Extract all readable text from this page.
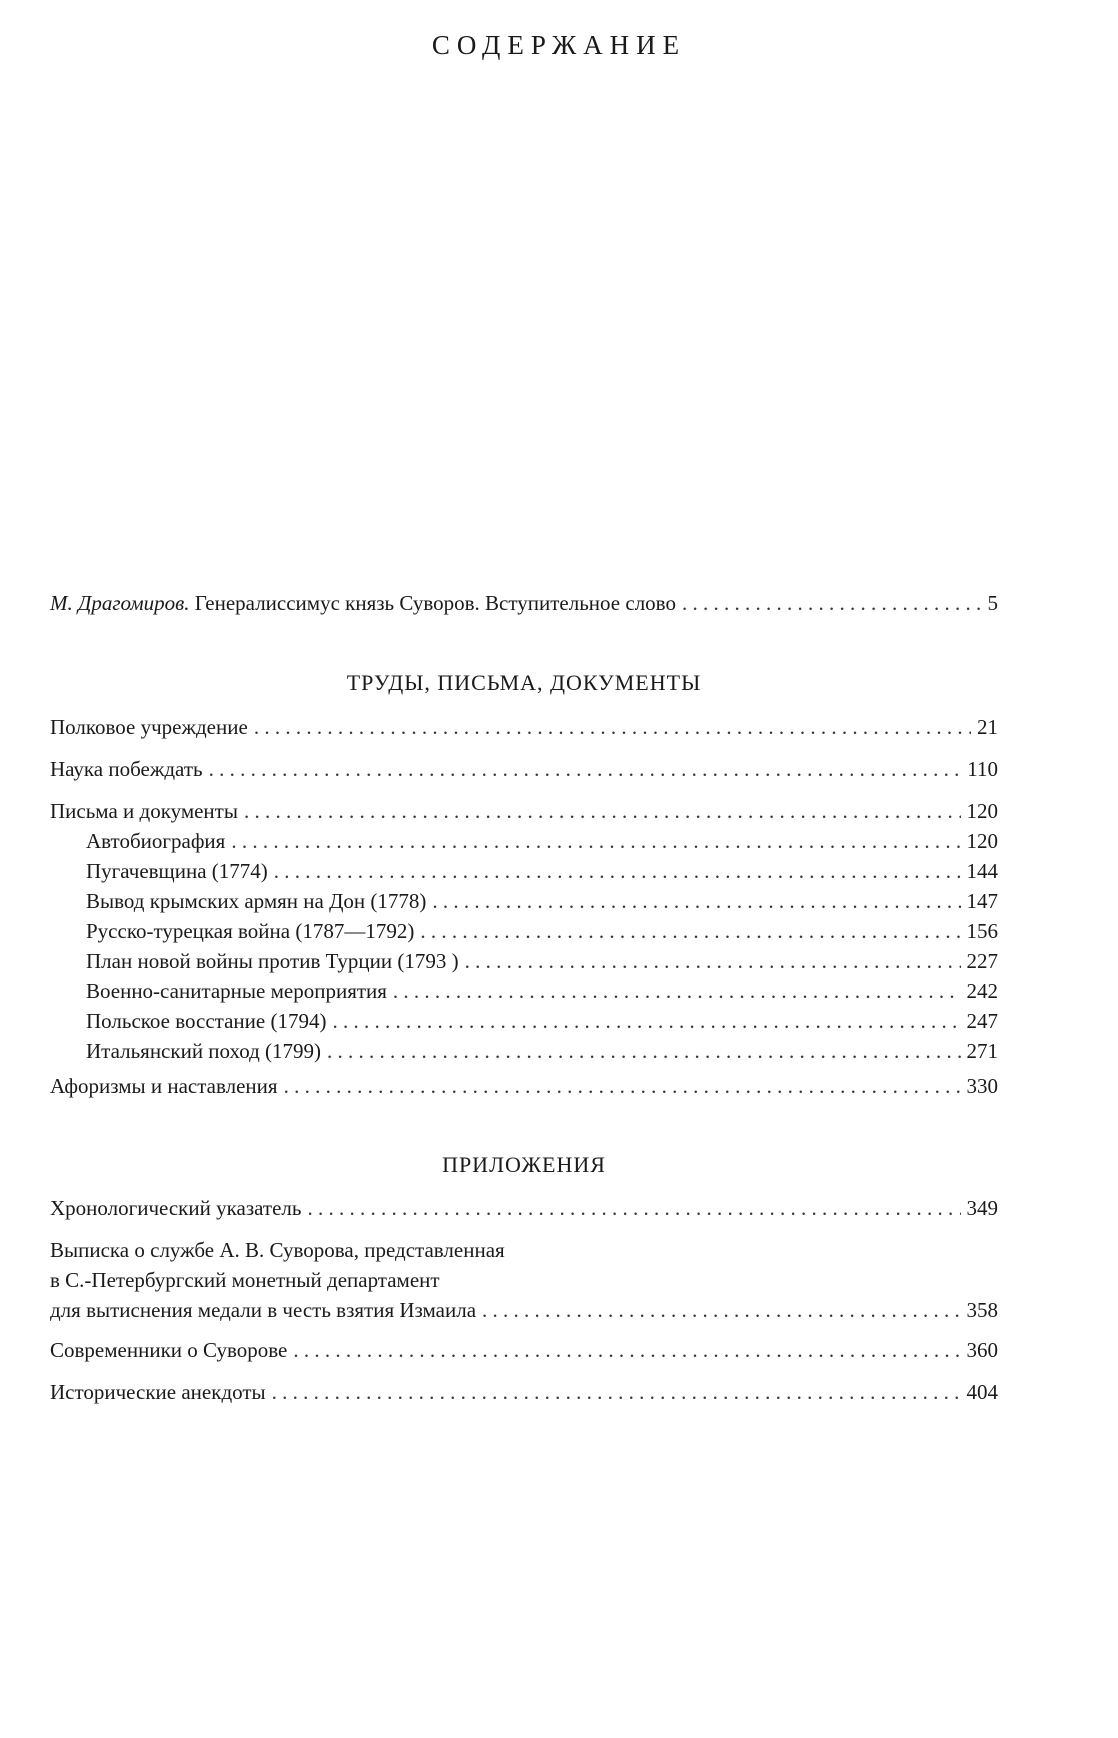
СОДЕРЖАНИЕ
М. Драгомиров. Генералиссимус князь Суворов. Вступительное слово . . .	5
ТРУДЫ, ПИСЬМА, ДОКУМЕНТЫ
Полковое учреждение . . .	21
Наука побеждать . . .	110
Письма и документы . . .	120
Автобиография . . .	120
Пугачевщина (1774) . . .	144
Вывод крымских армян на Дон (1778) . . .	147
Русско-турецкая война (1787—1792) . . .	156
План новой войны против Турции (1793 ) . . .	227
Военно-санитарные мероприятия . . .	242
Польское восстание (1794) . . .	247
Итальянский поход (1799) . . .	271
Афоризмы и наставления . . .	330
ПРИЛОЖЕНИЯ
Хронологический указатель . . .	349
Выписка о службе А. В. Суворова, представленная
в С.-Петербургский монетный департамент
для вытиснения медали в честь взятия Измаила . . .	358
Современники о Суворове . . .	360
Исторические анекдоты . . .	404
